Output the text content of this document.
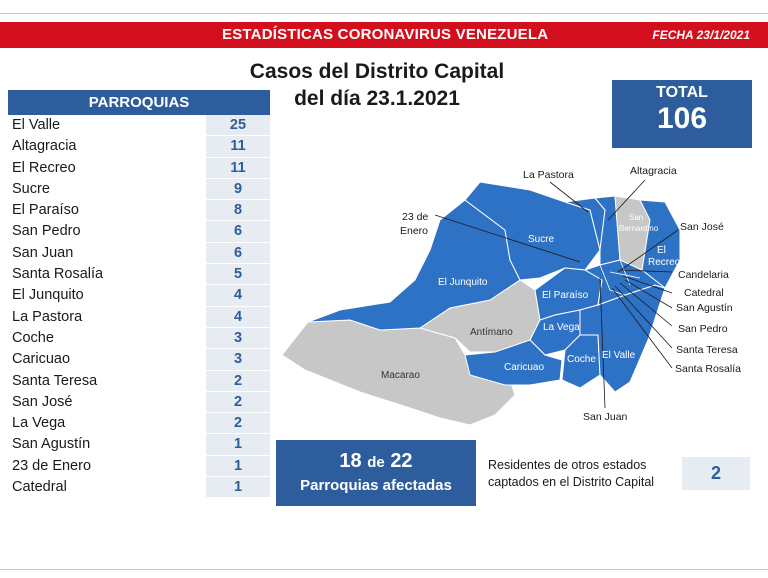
ESTADÍSTICAS CORONAVIRUS VENEZUELA	FECHA 23/1/2021
Casos del Distrito Capital
del día 23.1.2021	TOTAL
106
PARROQUIAS
El Valle	25
Altagracia	11
El Recreo	11
Sucre	9
El Paraíso	8
San Pedro	6
San Juan	6
Santa Rosalía	5
El Junquito	4
La Pastora	4
Coche	3
Caricuao	3
Santa Teresa	2
San José	2
La Vega	2
San Agustín	1
23 de Enero	1
Catedral	1
Sucre
El Junquito
El Paraíso
La Vega
Antímano
Macarao
Caricuao
Coche El Valle
San
Bernardino
El
Recreo
La Pastora	Altagracia
23 de
Enero	San José
Candelaria
Catedral
San Agustín
San Pedro
Santa Teresa
Santa Rosalía
San Juan
18 de 22
Parroquias afectadas
Residentes de otros estados
captados en el Distrito Capital	2
